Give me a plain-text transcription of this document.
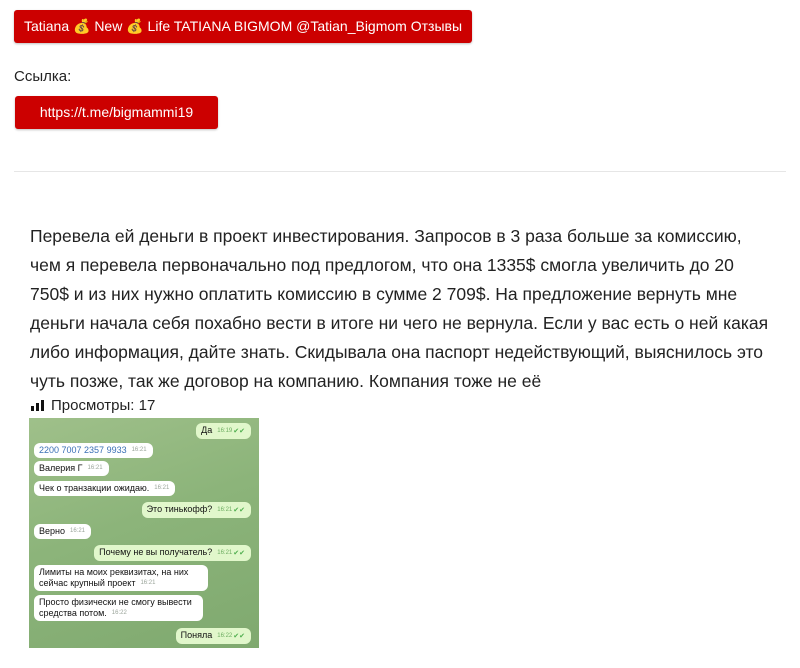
Tatiana 💰 New 💰 Life TATIANA BIGMOM @Tatian_Bigmom Отзывы
Ссылка:
https://t.me/bigmammi19
Перевела ей деньги в проект инвестирования. Запросов в 3 раза больше за комиссию, чем я перевела первоначально под предлогом, что она 1335$ смогла увеличить до 20 750$ и из них нужно оплатить комиссию в сумме 2 709$. На предложение вернуть мне деньги начала себя похабно вести в итоге ни чего не вернула. Если у вас есть о ней какая либо информация, дайте знать. Скидывала она паспорт недействующий, выяснилось это чуть позже, так же договор на компанию. Компания тоже не её
Просмотры: 17
Да 16:19✔✔
2200 7007 2357 9933 16:21
Валерия Г 16:21
Чек о транзакции ожидаю. 16:21
Это тинькофф? 16:21✔✔
Верно 16:21
Почему не вы получатель? 16:21✔✔
Лимиты на моих реквизитах, на них сейчас крупный проект 16:21
Просто физически не смогу вывести средства потом. 16:22
Поняла 16:22✔✔
